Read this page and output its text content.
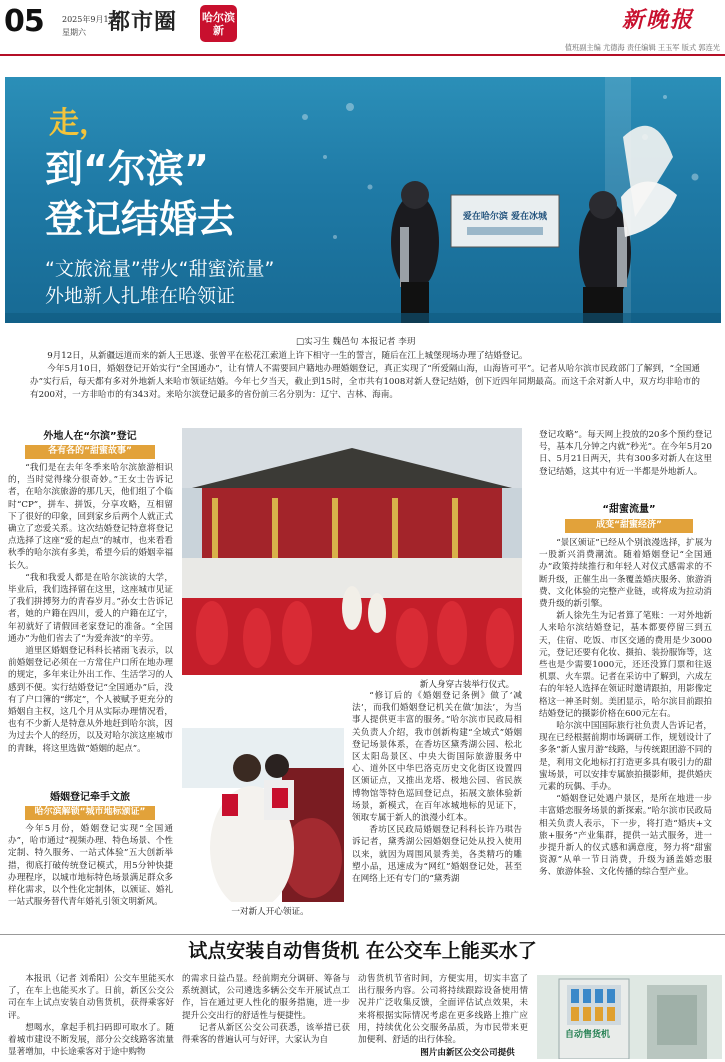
05 2025年9月13日
星期六 都市圈 哈尔滨新	新晚报
值班副主编 尤德海 责任编辑 王玉军 版式 郭连光
爱在哈尔滨 爱在冰城
走，
到“尔滨”
登记结婚去
“文旅流量”带火“甜蜜流量”
外地新人扎堆在哈领证
□实习生 魏邑句 本报记者 李玥

9月12日，从新疆远道而来的新人王思遂、张曾平在松花江索道上许下相守一生的誓言，随后在江上城堡现场办理了结婚登记。

今年5月10日，婚姻登记开始实行“全国通办”，让有情人不需要回户籍地办理婚姻登记，真正实现了“所爱隔山海，山海皆可平”。记者从哈尔滨市民政部门了解到，“全国通办”实行后，每天都有多对外地新人来哈市领证结婚。今年七夕当天，截止到15时，全市共有1008对新人登记结婚，创下近四年同期最高。而这千余对新人中，双方均非哈市的有200对，一方非哈市的有343对。来哈尔滨登记最多的省份前三名分别为：辽宁、吉林、海南。

外地人在“尔滨”登记
各有各的“甜蜜故事”

“我们是在去年冬季来哈尔滨旅游相识的，当时觉得缘分很奇妙。”王女士告诉记者，在哈尔滨旅游的那几天，他们组了个临时“CP”，拼车、拼饭，分享攻略，互相留下了很好的印象，回到家乡后两个人就正式确立了恋爱关系。这次结婚登记特意将登记点选择了这座“爱的起点”的城市，也来看看秋季的哈尔滨有多美，希望今后的婚姻幸福长久。

“我和我爱人都是在哈尔滨读的大学，毕业后，我们选择留在这里，这座城市见证了我们拼搏努力的青春岁月。”孙女士告诉记者，她的户籍在四川，爱人的户籍在辽宁，年初就好了请假回老家登记的准备。“全国通办”为他们省去了“为爱奔波”的辛劳。

道里区婚姻登记科科长褚雨飞表示，以前婚姻登记必须在一方常住户口所在地办理的规定，多年来让外出工作、生活学习的人感到不便。实行结婚登记“全国通办”后，没有了户口簿的“绑定”，个人被赋予更充分的婚姻自主权，这几个月从实际办理情况看，也有不少新人是特意从外地赶到哈尔滨，因为过去个人的经历，以及对哈尔滨这座城市的青睐，将这里选做“婚姻的起点”。

婚姻登记牵手文旅
哈尔滨解锁“城市地标颁证”

今年5月份，婚姻登记实现“全国通办”，哈市通过“视频办理、特色场景、个性定制、特久服务、一站式体验”五大创新举措，彻底打破传统登记模式，用5分钟快捷办理程序，以城市地标特色场景满足群众多样化需求，以个性化定制体，以颁证、婚礼一站式服务替代青年婚礼引领文明新风。

新人身穿古装举行仪式。
一对新人开心领证。

“修订后的《婚姻登记条例》做了‘减法’，而我们婚姻登记机关在做‘加法’，为当事人提供更丰富的服务。”哈尔滨市民政局相关负责人介绍，我市创新构建“全域式”婚姻登记场景体系，在香坊区黛秀湖公园、松北区太阳岛景区、中央大街国际旅游服务中心、道外区中华巴洛克历史文化街区设置四区颁证点，又推出龙塔、极地公园、省民族博物馆等特色巡回登记点，拓展文旅体验新场景，新模式，在百年冰城地标的见证下，领取专属于新人的浪漫小红本。

香坊区民政局婚姻登记科科长许乃琪告诉记者，黛秀湖公园婚姻登记处从投入使用以来，就因为周围风景秀美，各类精巧的雕塑小品，迅速成为“网红”婚姻登记处，甚至在网络上还有专门的“黛秀湖

登记攻略”。每天网上投放的20多个预约登记号，基本几分钟之内就“秒光”。在今年5月20日、5月21日两天，共有300多对新人在这里登记结婚，这其中有近一半都是外地新人。

“甜蜜流量”
成变“甜蜜经济”

“景区颁证”已经从个别浪漫选择，扩展为一股新兴消费潮流。随着婚姻登记“全国通办”政策持续推行和年轻人对仪式感需求的不断升级，正催生出一条覆盖婚庆服务、旅游消费、文化体验的完整产业链，或将成为拉动消费升级的新引擎。

新人徐先生为记者算了笔账：一对外地新人来哈尔滨结婚登记，基本都要停留三到五天，住宿、吃饭、市区交通的费用是少3000元，登记还要有化妆、摄拍、装扮服饰等，这些也是少需要1000元，还还没算门票和往返机票、火车票。记者在采访中了解到，六成左右的年轻人选择在领证时邀请跟拍，用影像定格这一神圣时刻。美团显示，哈尔滨目前跟拍结婚登记的摄影价格在600元左右。

哈尔滨中国国际旅行社负责人告诉记者，现在已经根据前期市场调研工作，规划设计了多条“新人蜜月游”线路，与传统跟团游不同的是，利用文化地标打打造更多具有吸引力的甜蜜场景，可以安排专属旅拍摄影师，提供婚庆元素的玩偶、手办。

“婚姻登记处遇户景区，是所在地进一步丰富婚恋服务场景的新探索。”哈尔滨市民政局相关负责人表示，下一步，将打造“婚庆+文旅+服务”产业集群，提供一站式服务，进一步提升新人的仪式感和满意度，努力将“甜蜜资源”从单一节日消费，升级为涵盖婚恋服务、旅游体验、文化传播的综合型产业。

试点安装自动售货机 在公交车上能买水了

本报讯（记者 刘希阳）公交车里能买水了，在车上也能买水了。日前，新区公交公司在车上试点安装自动售货机，获得乘客好评。

想喝水，拿起手机扫码即可取水了。随着城市建设不断发展，部分公交线路客流量显著增加，中长途乘客对于途中购物

的需求日益凸显。经前期充分调研、筹备与系统测试，公司遴选多辆公交车开展试点工作，旨在通过更人性化的服务措施，进一步提升公交出行的舒适性与便捷性。

记者从新区公交公司获悉，该举措已获得乘客的普遍认可与好评，大家认为自

动售货机节省时间，方便实用，切实丰富了出行服务内容。公司将持续跟踪设备使用情况并广泛收集反馈，全面评估试点效果，未来将根据实际情况考虑在更多线路上推广应用，持续优化公交服务品质，为市民带来更加便利、舒适的出行体验。

图片由新区公交公司提供
自动售货机
